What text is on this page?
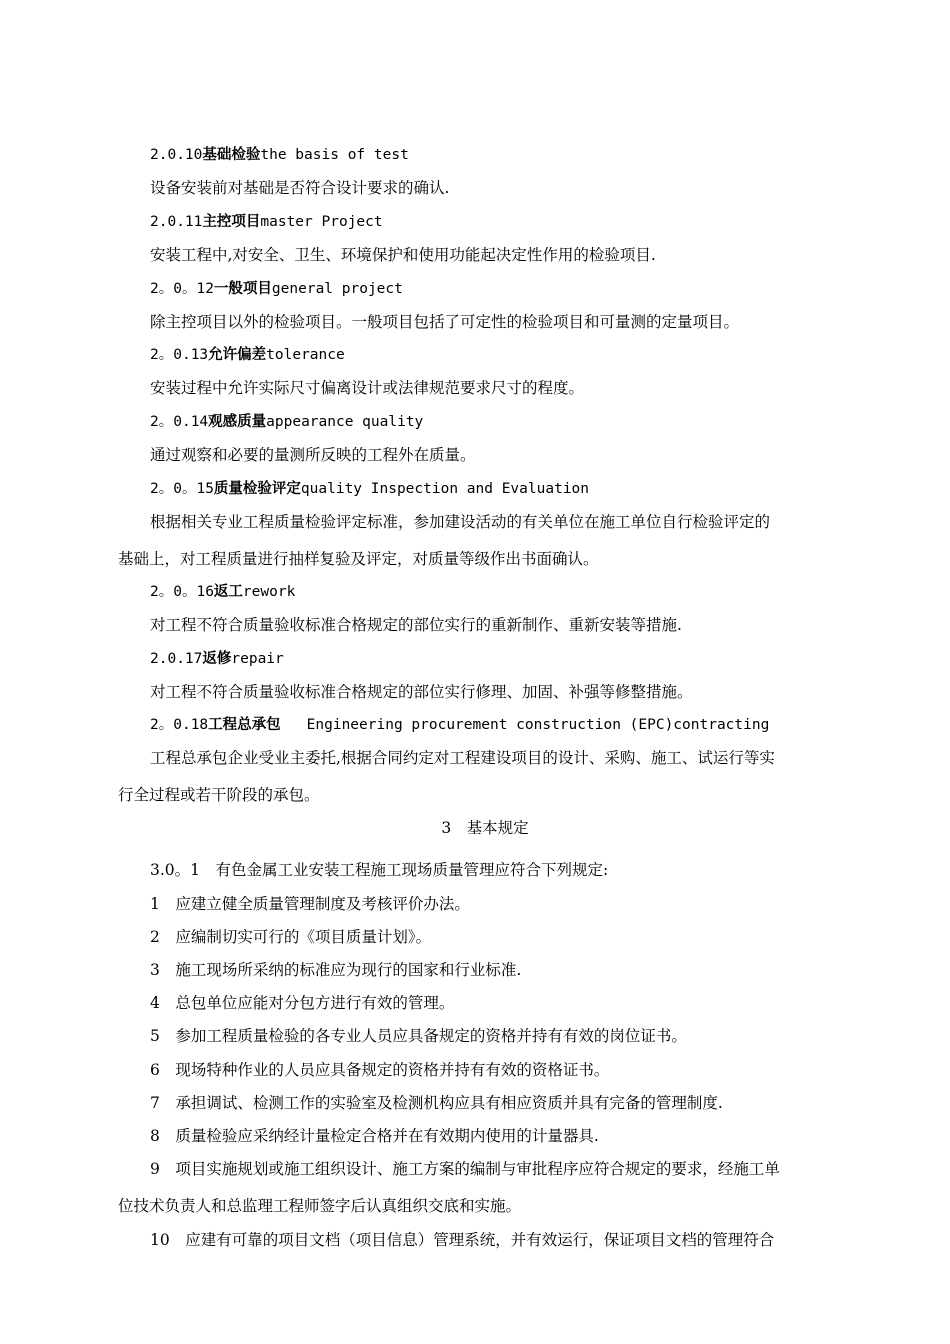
2.0.10基础检验the basis of test
设备安装前对基础是否符合设计要求的确认.
2.0.11主控项目master Project
安装工程中,对安全、卫生、环境保护和使用功能起决定性作用的检验项目.
2。0。12一般项目general project
除主控项目以外的检验项目。一般项目包括了可定性的检验项目和可量测的定量项目。
2。0.13允许偏差tolerance
安装过程中允许实际尺寸偏离设计或法律规范要求尺寸的程度。
2。0.14观感质量appearance quality
通过观察和必要的量测所反映的工程外在质量。
2。0。15质量检验评定quality Inspection and Evaluation
根据相关专业工程质量检验评定标准，参加建设活动的有关单位在施工单位自行检验评定的
基础上，对工程质量进行抽样复验及评定，对质量等级作出书面确认。
2。0。16返工rework
对工程不符合质量验收标准合格规定的部位实行的重新制作、重新安装等措施.
2.0.17返修repair
对工程不符合质量验收标准合格规定的部位实行修理、加固、补强等修整措施。
2。0.18工程总承包 Engineering procurement construction (EPC)contracting
工程总承包企业受业主委托,根据合同约定对工程建设项目的设计、采购、施工、试运行等实
行全过程或若干阶段的承包。
3　基本规定
3.0。1　有色金属工业安装工程施工现场质量管理应符合下列规定:
1　应建立健全质量管理制度及考核评价办法。
2　应编制切实可行的《项目质量计划》。
3　施工现场所采纳的标准应为现行的国家和行业标准.
4　总包单位应能对分包方进行有效的管理。
5　参加工程质量检验的各专业人员应具备规定的资格并持有有效的岗位证书。
6　现场特种作业的人员应具备规定的资格并持有有效的资格证书。
7　承担调试、检测工作的实验室及检测机构应具有相应资质并具有完备的管理制度.
8　质量检验应采纳经计量检定合格并在有效期内使用的计量器具.
9　项目实施规划或施工组织设计、施工方案的编制与审批程序应符合规定的要求，经施工单
位技术负责人和总监理工程师签字后认真组织交底和实施。
10　应建有可靠的项目文档（项目信息）管理系统，并有效运行，保证项目文档的管理符合
